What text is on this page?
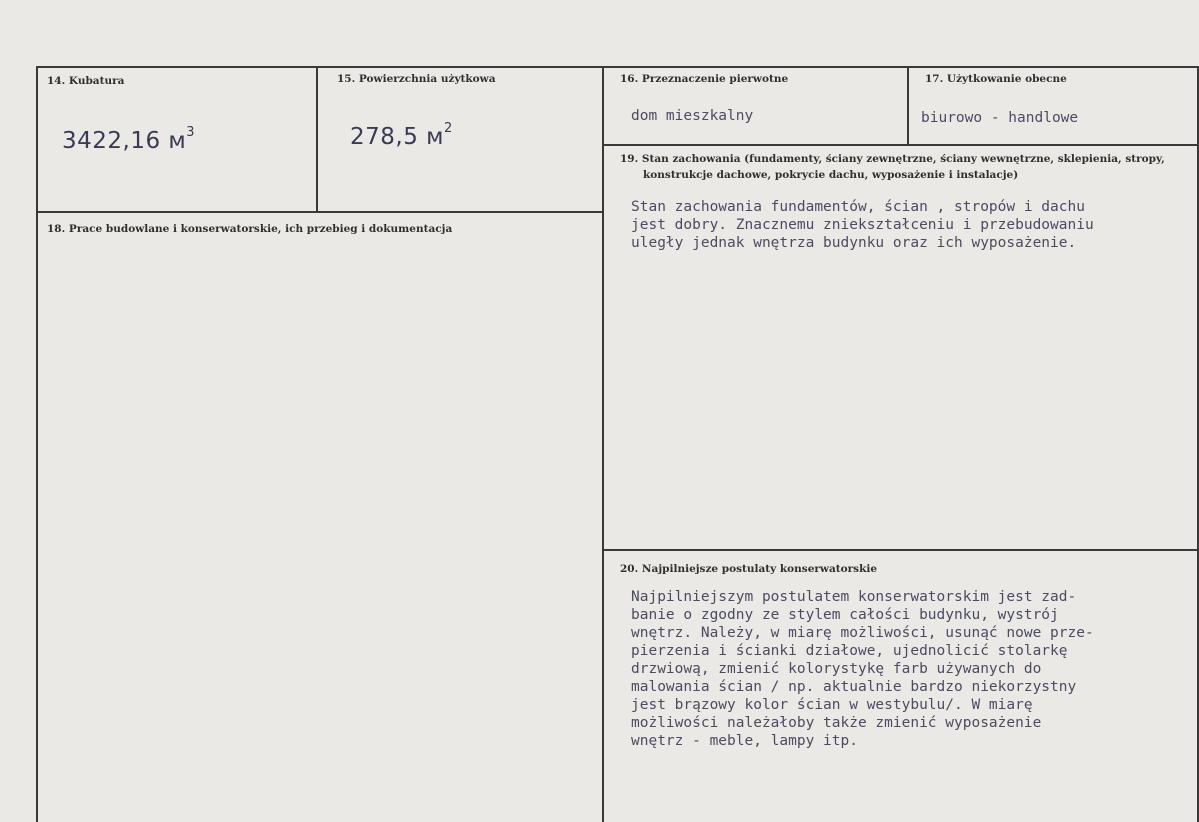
14. Kubatura
3422,16 $м^3$
15. Powierzchnia użytkowa
278,5 $м^2$
16. Przeznaczenie pierwotne
dom mieszkalny
17. Użytkowanie obecne
biurowo - handlowe
18. Prace budowlane i konserwatorskie, ich przebieg i dokumentacja
19. Stan zachowania (fundamenty, ściany zewnętrzne, ściany wewnętrzne, sklepienia, stropy,
konstrukcje dachowe, pokrycie dachu, wyposażenie i instalacje)
Stan zachowania fundamentów, ścian , stropów i dachu
jest dobry. Znacznemu zniekształceniu i przebudowaniu
uległy jednak wnętrza budynku oraz ich wyposażenie.
20. Najpilniejsze postulaty konserwatorskie
Najpilniejszym postulatem konserwatorskim jest zad-
banie o zgodny ze stylem całości budynku, wystrój
wnętrz. Należy, w miarę możliwości, usunąć nowe prze-
pierzenia i ścianki działowe, ujednolicić stolarkę
drzwiową, zmienić kolorystykę farb używanych do
malowania ścian / np. aktualnie bardzo niekorzystny
jest brązowy kolor ścian w westybulu/. W miarę
możliwości należałoby także zmienić wyposażenie
wnętrz - meble, lampy itp.
